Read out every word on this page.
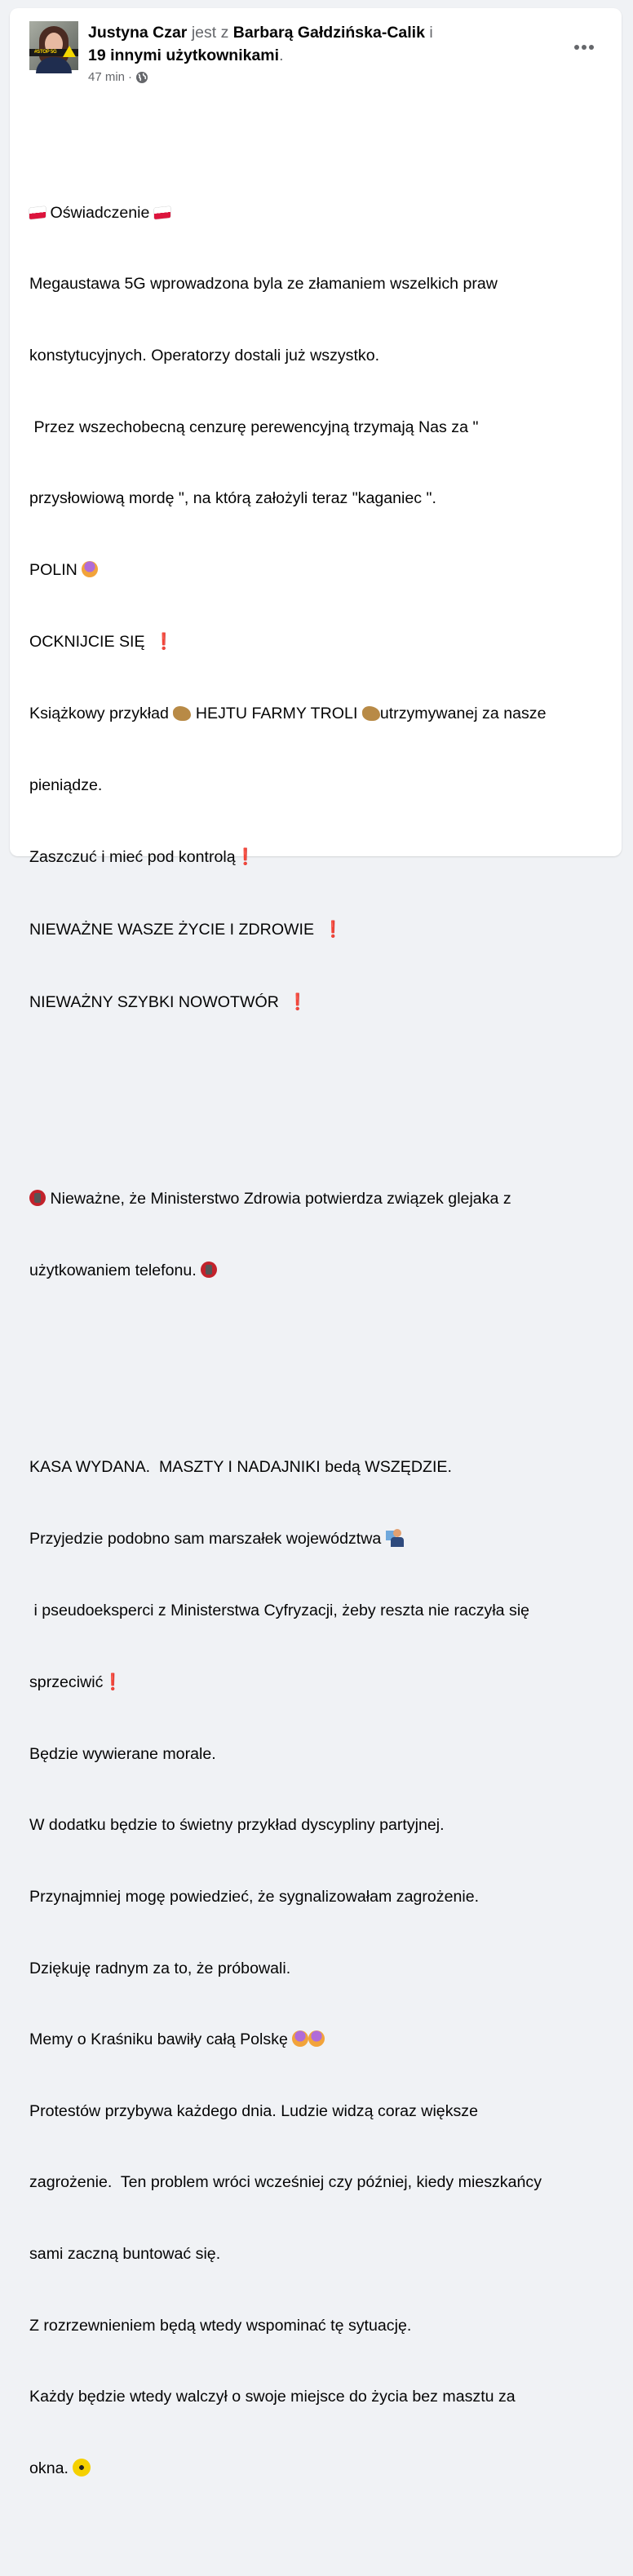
#STOP 5G
Justyna Czar jest z Barbarą Gałdzińska-Calik i
19 innymi użytkownikami.
47 min ·

Oświadczenie

Megaustawa 5G wprowadzona byla ze złamaniem wszelkich praw

konstytucyjnych. Operatorzy dostali już wszystko.

Przez wszechobecną cenzurę perewencyjną trzymają Nas za "

przysłowiową mordę ", na którą założyli teraz "kaganiec ".

POLIN

OCKNIJCIE SIĘ ❗

Książkowy przykład HEJTU FARMY TROLI utrzymywanej za nasze

pieniądze.

Zaszczuć i mieć pod kontrolą❗

NIEWAŻNE WASZE ŻYCIE I ZDROWIE ❗

NIEWAŻNY SZYBKI NOWOTWÓR ❗

Nieważne, że Ministerstwo Zdrowia potwierdza związek glejaka z

użytkowaniem telefonu.

KASA WYDANA.  MASZTY I NADAJNIKI bedą WSZĘDZIE.

Przyjedzie podobno sam marszałek województwa

i pseudoeksperci z Ministerstwa Cyfryzacji, żeby reszta nie raczyła się

sprzeciwić❗

Będzie wywierane morale.

W dodatku będzie to świetny przykład dyscypliny partyjnej.

Przynajmniej mogę powiedzieć, że sygnalizowałam zagrożenie.

Dziękuję radnym za to, że próbowali.

Memy o Kraśniku bawiły całą Polskę

Protestów przybywa każdego dnia. Ludzie widzą coraz większe

zagrożenie.  Ten problem wróci wcześniej czy później, kiedy mieszkańcy

sami zaczną buntować się.

Z rozrzewnieniem będą wtedy wspominać tę sytuację.

Każdy będzie wtedy walczył o swoje miejsce do życia bez masztu za

okna.
